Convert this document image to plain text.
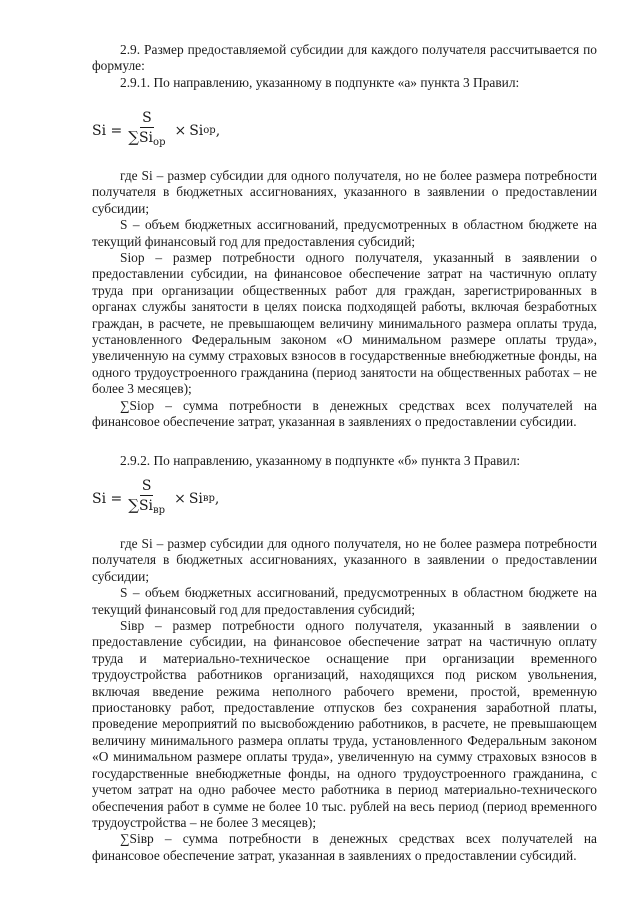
2.9. Размер предоставляемой субсидии для каждого получателя рассчитывается по формуле:

2.9.1. По направлению, указанному в подпункте «а» пункта 3 Правил:

$Si = \frac{S}{\sum Si_{op}} \times Si$ op ,

где Si – размер субсидии для одного получателя, но не более размера потребности получателя в бюджетных ассигнованиях, указанного в заявлении о предоставлении субсидии;

S – объем бюджетных ассигнований, предусмотренных в областном бюджете на текущий финансовый год для предоставления субсидий;

Siор – размер потребности одного получателя, указанный в заявлении о предоставлении субсидии, на финансовое обеспечение затрат на частичную оплату труда при организации общественных работ для граждан, зарегистрированных в органах службы занятости в целях поиска подходящей работы, включая безработных граждан, в расчете, не превышающем величину минимального размера оплаты труда, установленного Федеральным законом «О минимальном размере оплаты труда», увеличенную на сумму страховых взносов в государственные внебюджетные фонды, на одного трудоустроенного гражданина (период занятости на общественных работах – не более 3 месяцев);

∑Siор – сумма потребности в денежных средствах всех получателей на финансовое обеспечение затрат, указанная в заявлениях о предоставлении субсидии.

2.9.2. По направлению, указанному в подпункте «б» пункта 3 Правил:

$Si = \frac{S}{\sum Si_{вр}} \times Si$ вр ,

где Si – размер субсидии для одного получателя, но не более размера потребности получателя в бюджетных ассигнованиях, указанного в заявлении о предоставлении субсидии;

S – объем бюджетных ассигнований, предусмотренных в областном бюджете на текущий финансовый год для предоставления субсидий;

Siвр – размер потребности одного получателя, указанный в заявлении о предоставление субсидии, на финансовое обеспечение затрат на частичную оплату труда и материально-техническое оснащение при организации временного трудоустройства работников организаций, находящихся под риском увольнения, включая введение режима неполного рабочего времени, простой, временную приостановку работ, предоставление отпусков без сохранения заработной платы, проведение мероприятий по высвобождению работников, в расчете, не превышающем величину минимального размера оплаты труда, установленного Федеральным законом «О минимальном размере оплаты труда», увеличенную на сумму страховых взносов в государственные внебюджетные фонды, на одного трудоустроенного гражданина, с учетом затрат на одно рабочее место работника в период материально-технического обеспечения работ в сумме не более 10 тыс. рублей на весь период (период временного трудоустройства – не более 3 месяцев);

∑Siвр – сумма потребности в денежных средствах всех получателей на финансовое обеспечение затрат, указанная в заявлениях о предоставлении субсидий.
